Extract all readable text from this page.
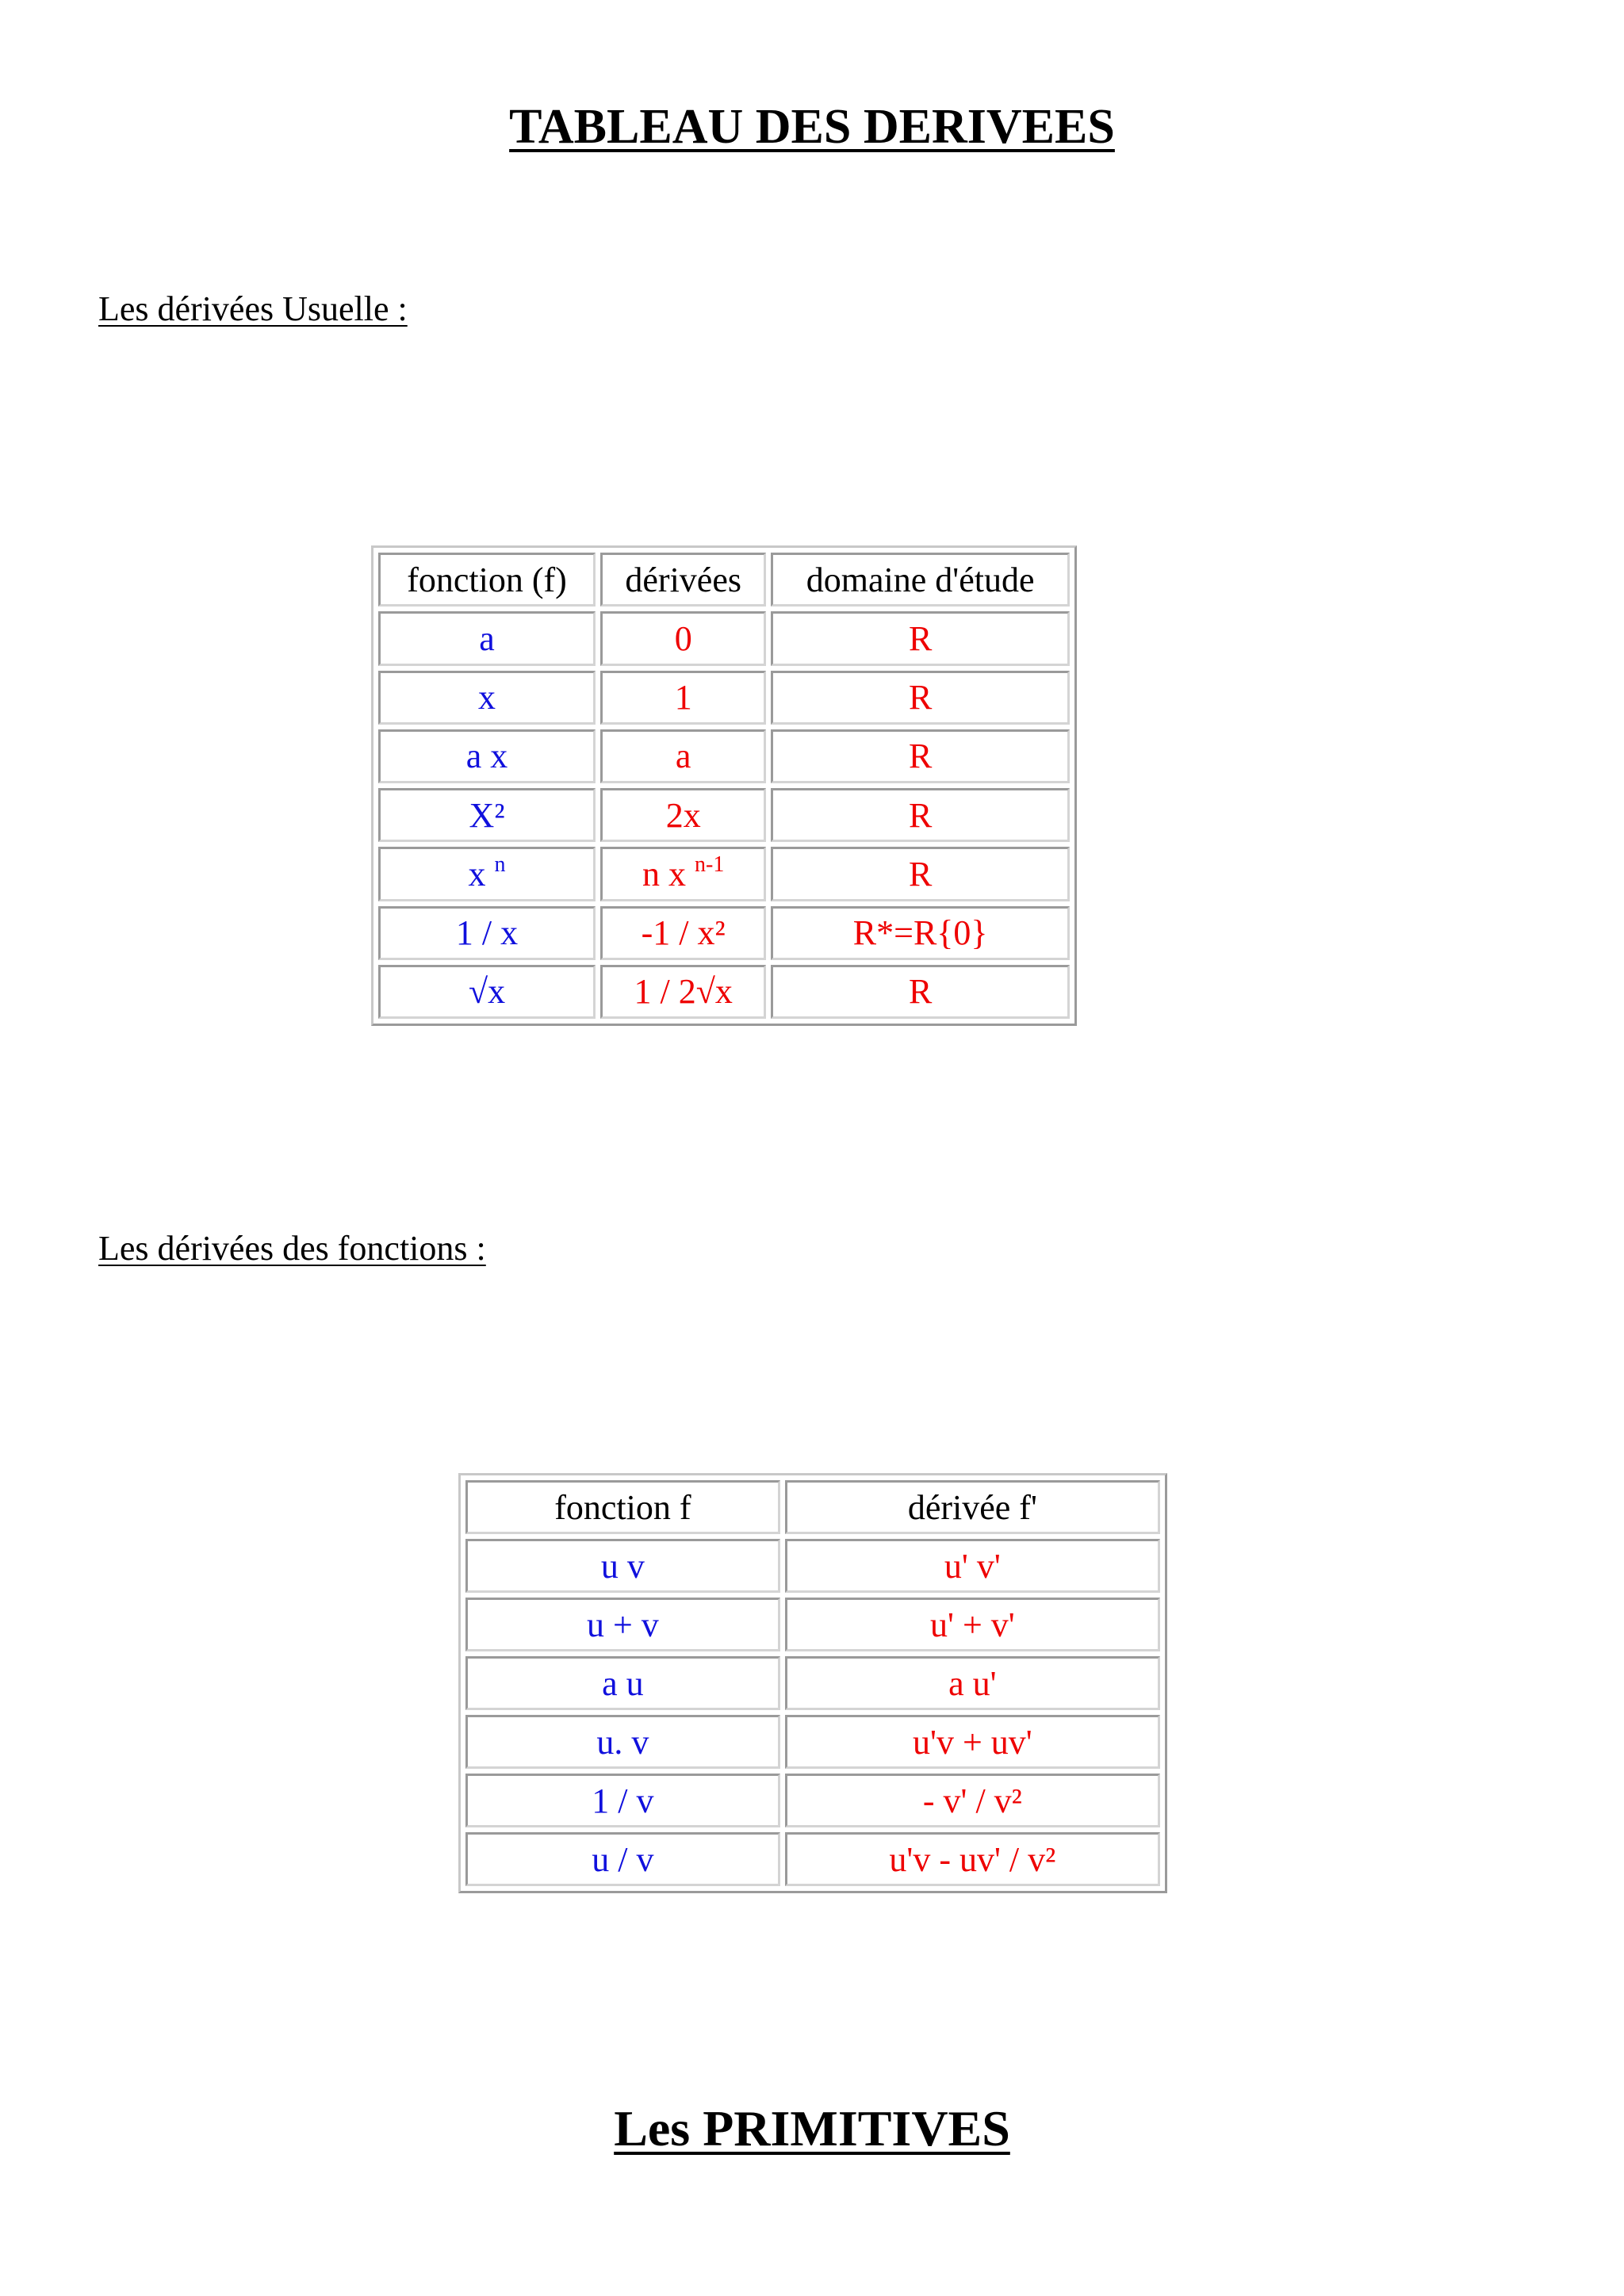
TABLEAU DES DERIVEES
Les dérivées Usuelle :
fonction (f)	dérivées	domaine d'étude
a	0	R
x	1	R
a x	a	R
X²	2x	R
x $^n$	n x $^{n-1}$	R
1 / x	-1 / x²	R*=R{0}
√x	1 / 2√x	R
Les dérivées des fonctions :
fonction f	dérivée f'
u v	u' v'
u + v	u' + v'
a u	a u'
u. v	u'v + uv'
1 / v	- v' / v²
u / v	u'v - uv' / v²
Les PRIMITIVES
